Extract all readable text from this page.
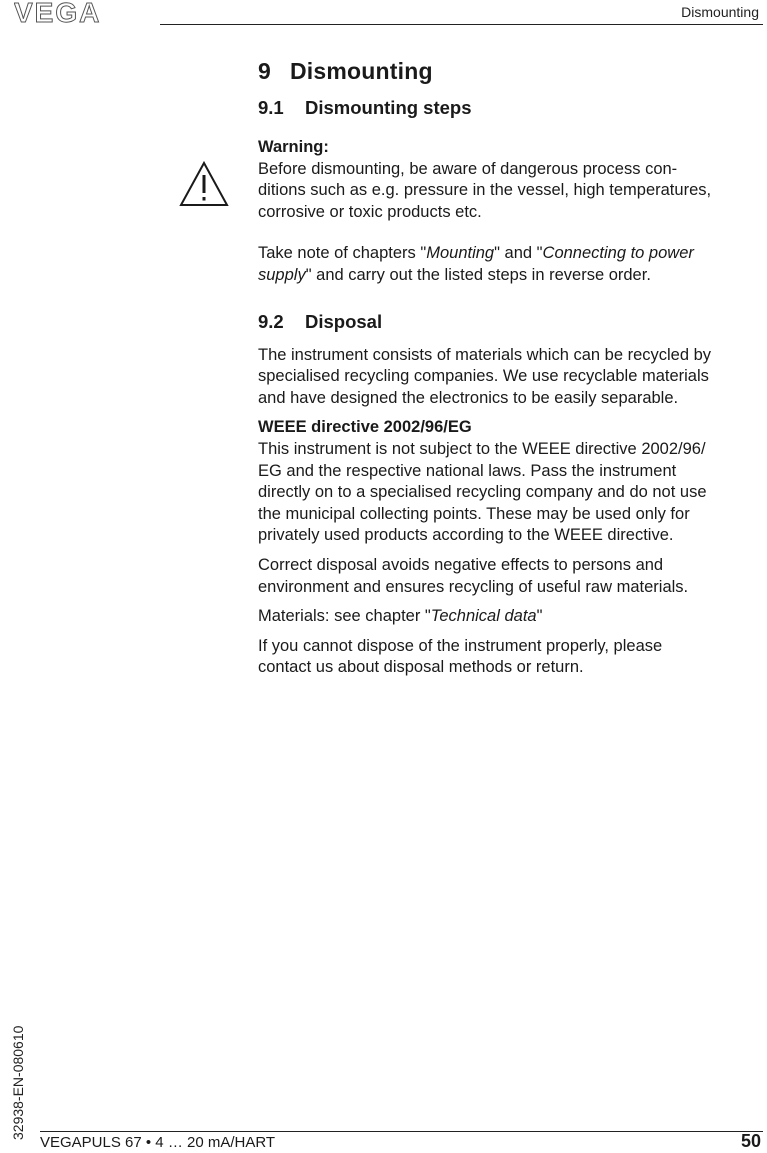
VEGA	Dismounting
9 Dismounting
9.1 Dismounting steps

Warning:

Before dismounting, be aware of dangerous process con-

ditions such as e.g. pressure in the vessel, high temperatures,

corrosive or toxic products etc.

Take note of chapters "Mounting" and "Connecting to power

supply" and carry out the listed steps in reverse order.

9.2 Disposal

The instrument consists of materials which can be recycled by

specialised recycling companies. We use recyclable materials

and have designed the electronics to be easily separable.

WEEE directive 2002/96/EG

This instrument is not subject to the WEEE directive 2002/96/

EG and the respective national laws. Pass the instrument

directly on to a specialised recycling company and do not use

the municipal collecting points. These may be used only for

privately used products according to the WEEE directive.

Correct disposal avoids negative effects to persons and

environment and ensures recycling of useful raw materials.

Materials: see chapter "Technical data"

If you cannot dispose of the instrument properly, please

contact us about disposal methods or return.

32938-EN-080610
VEGAPULS 67 • 4 … 20 mA/HART	50
